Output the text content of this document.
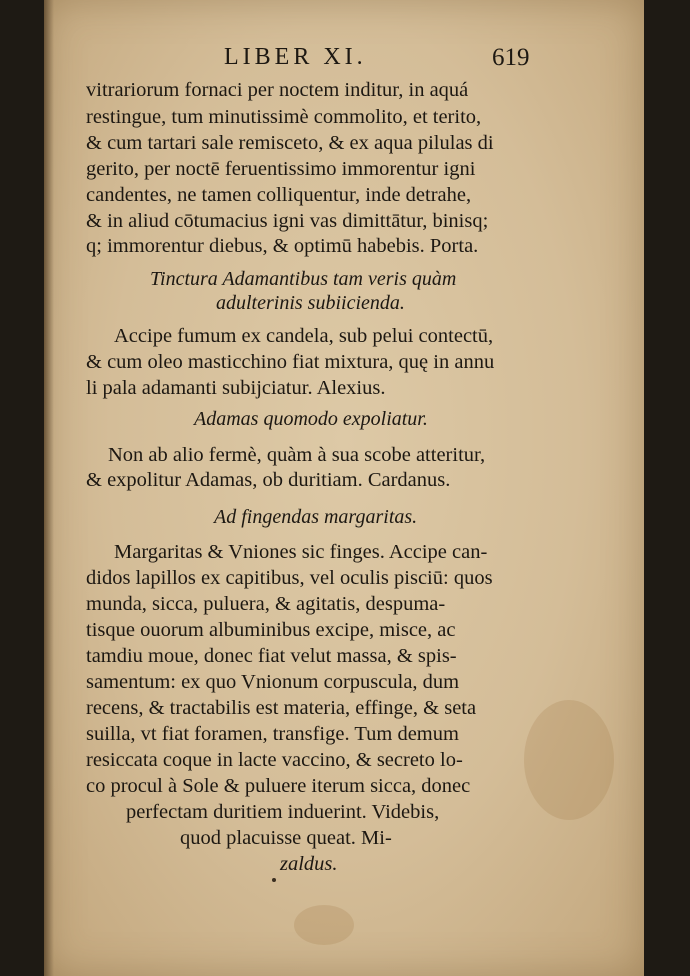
LIBER XI.	619

vitrariorum fornaci per noctem inditur, in aquá

restingue, tum minutissimè commolito, et terito,

& cum tartari sale remisceto, & ex aqua pilulas di

gerito, per noctē feruentissimo immorentur igni

candentes, ne tamen colliquentur, inde detrahe,

& in aliud cōtumacius igni vas dimittātur, binisq;

q; immorentur diebus, & optimū habebis. Porta.

Tinctura Adamantibus tam veris quàm

adulterinis subiicienda.

Accipe fumum ex candela, sub pelui contectū,

& cum oleo masticchino fiat mixtura, quę in annu

li pala adamanti subijciatur. Alexius.

Adamas quomodo expoliatur.

Non ab alio fermè, quàm à sua scobe atteritur,

& expolitur Adamas, ob duritiam. Cardanus.

Ad fingendas margaritas.

Margaritas & Vniones sic finges. Accipe can-

didos lapillos ex capitibus, vel oculis pisciū: quos

munda, sicca, puluera, & agitatis, despuma-

tisque ouorum albuminibus excipe, misce, ac

tamdiu moue, donec fiat velut massa, & spis-

samentum: ex quo Vnionum corpuscula, dum

recens, & tractabilis est materia, effinge, & seta

suilla, vt fiat foramen, transfige. Tum demum

resiccata coque in lacte vaccino, & secreto lo-

co procul à Sole & puluere iterum sicca, donec

perfectam duritiem induerint. Videbis,

quod placuisse queat. Mi-

zaldus.
